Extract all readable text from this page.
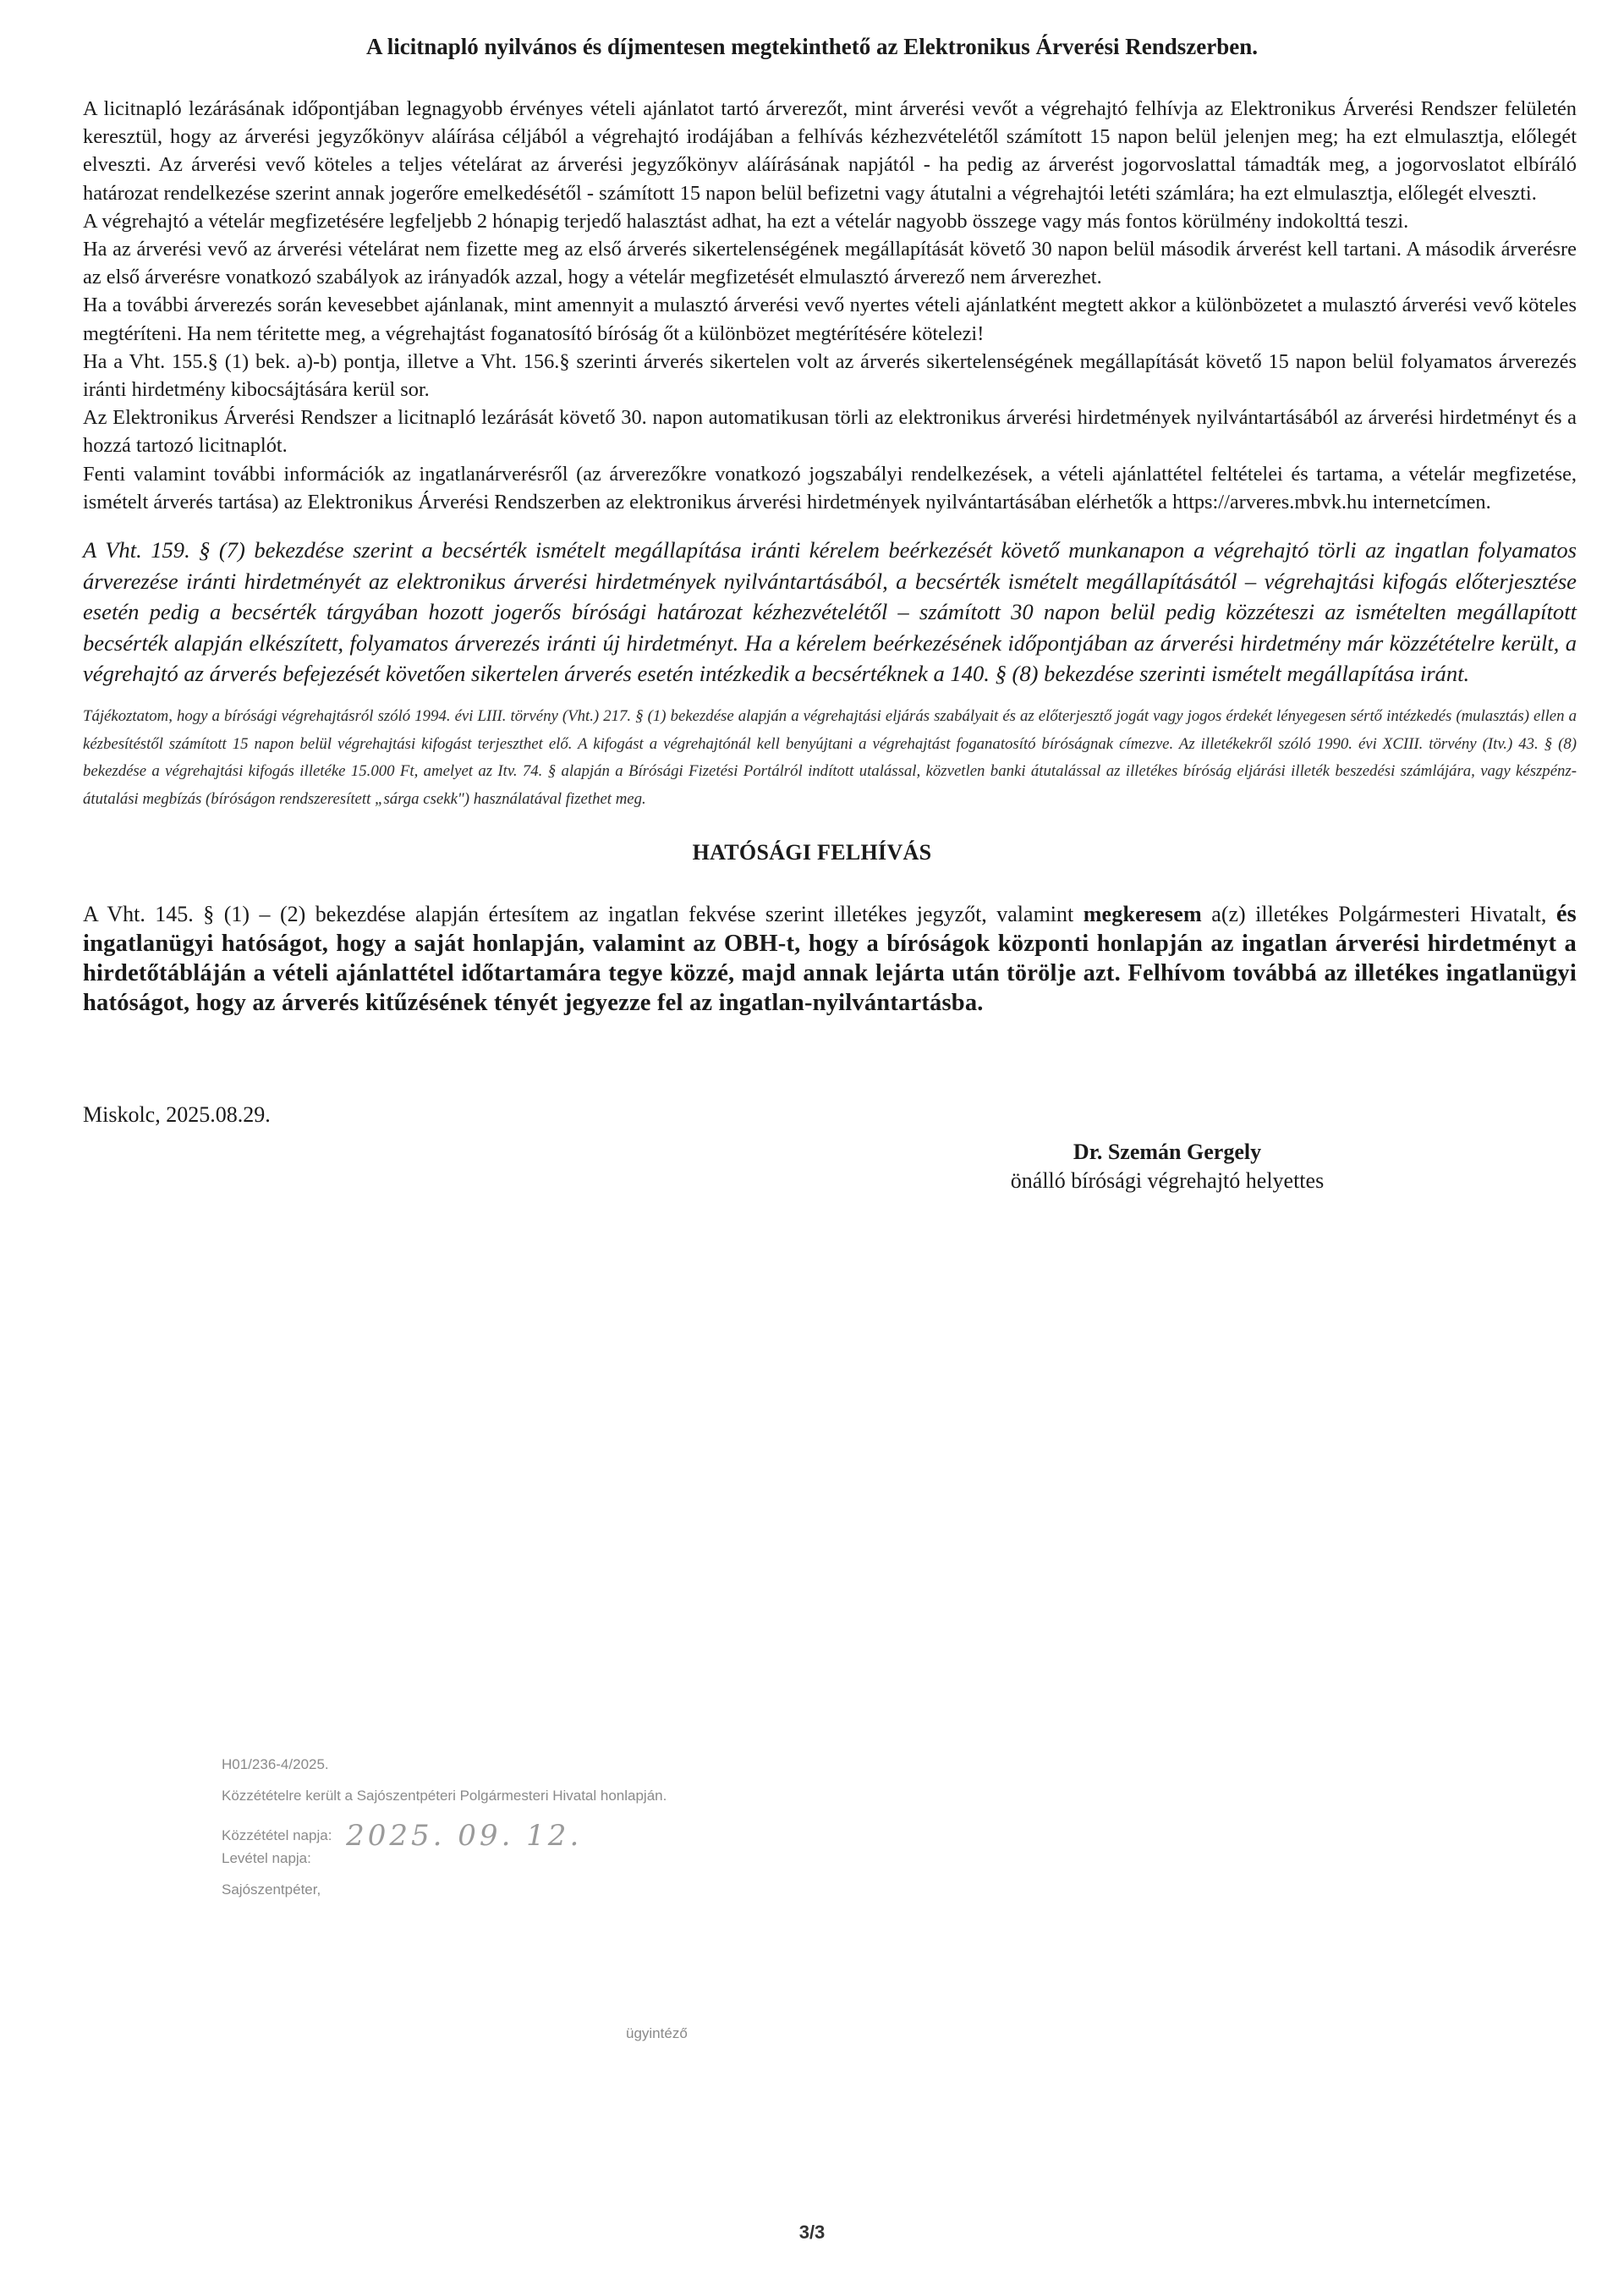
A licitnapló nyilvános és díjmentesen megtekinthető az Elektronikus Árverési Rendszerben.

A licitnapló lezárásának időpontjában legnagyobb érvényes vételi ajánlatot tartó árverezőt, mint árverési vevőt a végrehajtó felhívja az Elektronikus Árverési Rendszer felületén keresztül, hogy az árverési jegyzőkönyv aláírása céljából a végrehajtó irodájában a felhívás kézhezvételétől számított 15 napon belül jelenjen meg; ha ezt elmulasztja, előlegét elveszti. Az árverési vevő köteles a teljes vételárat az árverési jegyzőkönyv aláírásának napjától - ha pedig az árverést jogorvoslattal támadták meg, a jogorvoslatot elbíráló határozat rendelkezése szerint annak jogerőre emelkedésétől - számított 15 napon belül befizetni vagy átutalni a végrehajtói letéti számlára; ha ezt elmulasztja, előlegét elveszti.

A végrehajtó a vételár megfizetésére legfeljebb 2 hónapig terjedő halasztást adhat, ha ezt a vételár nagyobb összege vagy más fontos körülmény indokolttá teszi.

Ha az árverési vevő az árverési vételárat nem fizette meg az első árverés sikertelenségének megállapítását követő 30 napon belül második árverést kell tartani. A második árverésre az első árverésre vonatkozó szabályok az irányadók azzal, hogy a vételár megfizetését elmulasztó árverező nem árverezhet.

Ha a további árverezés során kevesebbet ajánlanak, mint amennyit a mulasztó árverési vevő nyertes vételi ajánlatként megtett akkor a különbözetet a mulasztó árverési vevő köteles megtéríteni. Ha nem téritette meg, a végrehajtást foganatosító bíróság őt a különbözet megtérítésére kötelezi!

Ha a Vht. 155.§ (1) bek. a)-b) pontja, illetve a Vht. 156.§ szerinti árverés sikertelen volt az árverés sikertelenségének megállapítását követő 15 napon belül folyamatos árverezés iránti hirdetmény kibocsájtására kerül sor.

Az Elektronikus Árverési Rendszer a licitnapló lezárását követő 30. napon automatikusan törli az elektronikus árverési hirdetmények nyilvántartásából az árverési hirdetményt és a hozzá tartozó licitnaplót.

Fenti valamint további információk az ingatlanárverésről (az árverezőkre vonatkozó jogszabályi rendelkezések, a vételi ajánlattétel feltételei és tartama, a vételár megfizetése, ismételt árverés tartása) az Elektronikus Árverési Rendszerben az elektronikus árverési hirdetmények nyilvántartásában elérhetők a https://arveres.mbvk.hu internetcímen.

A Vht. 159. § (7) bekezdése szerint a becsérték ismételt megállapítása iránti kérelem beérkezését követő munkanapon a végrehajtó törli az ingatlan folyamatos árverezése iránti hirdetményét az elektronikus árverési hirdetmények nyilvántartásából, a becsérték ismételt megállapításától – végrehajtási kifogás előterjesztése esetén pedig a becsérték tárgyában hozott jogerős bírósági határozat kézhezvételétől – számított 30 napon belül pedig közzéteszi az ismételten megállapított becsérték alapján elkészített, folyamatos árverezés iránti új hirdetményt. Ha a kérelem beérkezésének időpontjában az árverési hirdetmény már közzétételre került, a végrehajtó az árverés befejezését követően sikertelen árverés esetén intézkedik a becsértéknek a 140. § (8) bekezdése szerinti ismételt megállapítása iránt.

Tájékoztatom, hogy a bírósági végrehajtásról szóló 1994. évi LIII. törvény (Vht.) 217. § (1) bekezdése alapján a végrehajtási eljárás szabályait és az előterjesztő jogát vagy jogos érdekét lényegesen sértő intézkedés (mulasztás) ellen a kézbesítéstől számított 15 napon belül végrehajtási kifogást terjeszthet elő. A kifogást a végrehajtónál kell benyújtani a végrehajtást foganatosító bíróságnak címezve. Az illetékekről szóló 1990. évi XCIII. törvény (Itv.) 43. § (8) bekezdése a végrehajtási kifogás illetéke 15.000 Ft, amelyet az Itv. 74. § alapján a Bírósági Fizetési Portálról indított utalással, közvetlen banki átutalással az illetékes bíróság eljárási illeték beszedési számlájára, vagy készpénz-átutalási megbízás (bíróságon rendszeresített „sárga csekk") használatával fizethet meg.

HATÓSÁGI FELHÍVÁS

A Vht. 145. § (1) – (2) bekezdése alapján értesítem az ingatlan fekvése szerint illetékes jegyzőt, valamint megkeresem a(z) illetékes Polgármesteri Hivatalt, és ingatlanügyi hatóságot, hogy a saját honlapján, valamint az OBH-t, hogy a bíróságok központi honlapján az ingatlan árverési hirdetményt a hirdetőtábláján a vételi ajánlattétel időtartamára tegye közzé, majd annak lejárta után törölje azt. Felhívom továbbá az illetékes ingatlanügyi hatóságot, hogy az árverés kitűzésének tényét jegyezze fel az ingatlan-nyilvántartásba.

Miskolc, 2025.08.29.
Dr. Szemán Gergely
önálló bírósági végrehajtó helyettes
H01/236-4/2025.
Közzétételre került a Sajószentpéteri Polgármesteri Hivatal honlapján.
Közzététel napja: 2025. 09. 12.
Levétel napja:
Sajószentpéter,
ügyintéző
3/3
